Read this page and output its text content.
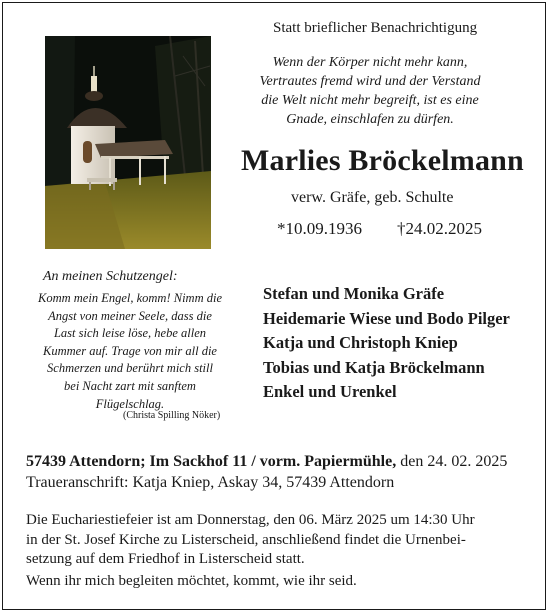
Statt brieflicher Benachrichtigung
Wenn der Körper nicht mehr kann,
Vertrautes fremd wird und der Verstand
die Welt nicht mehr begreift, ist es eine
Gnade, einschlafen zu dürfen.
Marlies Bröckelmann
verw. Gräfe, geb. Schulte
*10.09.1936 †24.02.2025
An meinen Schutzengel:
Komm mein Engel, komm! Nimm die
Angst von meiner Seele, dass die
Last sich leise löse, hebe allen
Kummer auf. Trage von mir all die
Schmerzen und berührt mich still
bei Nacht zart mit sanftem
Flügelschlag.
(Christa Spilling Nöker)
Stefan und Monika Gräfe
Heidemarie Wiese und Bodo Pilger
Katja und Christoph Kniep
Tobias und Katja Bröckelmann
Enkel und Urenkel
57439 Attendorn; Im Sackhof 11 / vorm. Papiermühle, den 24. 02. 2025
Traueranschrift: Katja Kniep, Askay 34, 57439 Attendorn
Die Euchariestiefeier ist am Donnerstag, den 06. März 2025 um 14:30 Uhr
in der St. Josef Kirche zu Listerscheid, anschließend findet die Urnenbei-
setzung auf dem Friedhof in Listerscheid statt.
Wenn ihr mich begleiten möchtet, kommt, wie ihr seid.
